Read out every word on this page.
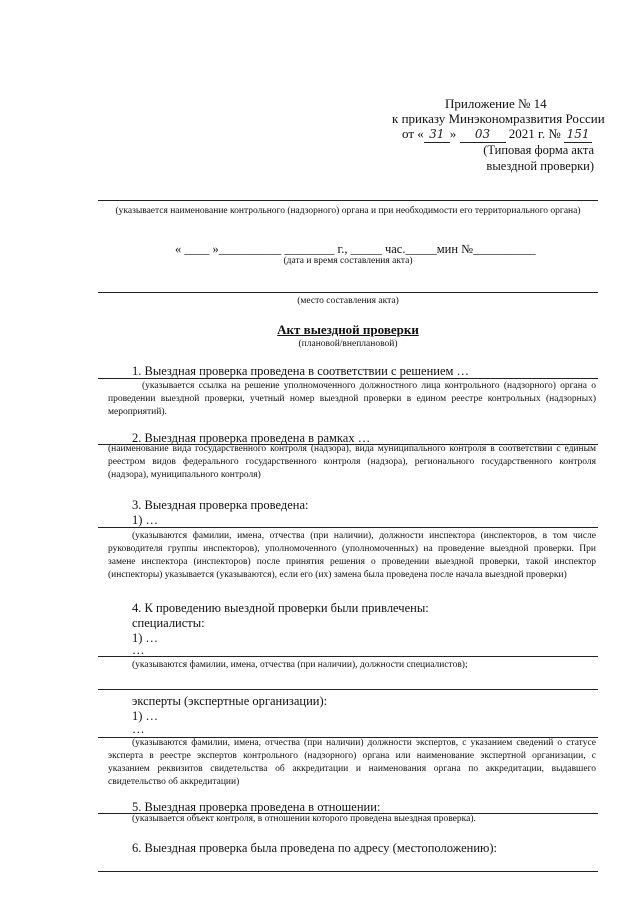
Приложение № 14
к приказу Минэкономразвития России
от « 31 » 03 2021 г. № 151
(Типовая форма акта
выездной проверки)
(указывается наименование контрольного (надзорного) органа и при необходимости его территориального органа)
« ____ »__________ ________ г., _____ час._____мин №__________
(дата и время составления акта)
(место составления акта)
Акт выездной проверки
(плановой/внеплановой)
1. Выездная проверка проведена в соответствии с решением …
(указывается ссылка на решение уполномоченного должностного лица контрольного (надзорного) органа о проведении выездной проверки, учетный номер выездной проверки в едином реестре контрольных (надзорных) мероприятий).
2. Выездная проверка проведена в рамках …
(наименование вида государственного контроля (надзора), вида муниципального контроля в соответствии с единым реестром видов федерального государственного контроля (надзора), регионального государственного контроля (надзора), муниципального контроля)
3. Выездная проверка проведена:
1) …
(указываются фамилии, имена, отчества (при наличии), должности инспектора (инспекторов, в том числе руководителя группы инспекторов), уполномоченного (уполномоченных) на проведение выездной проверки. При замене инспектора (инспекторов) после принятия решения о проведении выездной проверки, такой инспектор (инспекторы) указывается (указываются), если его (их) замена была проведена после начала выездной проверки)
4. К проведению выездной проверки были привлечены:
специалисты:
1) …
…
(указываются фамилии, имена, отчества (при наличии), должности специалистов);
эксперты (экспертные организации):
1) …
…
(указываются фамилии, имена, отчества (при наличии) должности экспертов, с указанием сведений о статусе эксперта в реестре экспертов контрольного (надзорного) органа или наименование экспертной организации, с указанием реквизитов свидетельства об аккредитации и наименования органа по аккредитации, выдавшего свидетельство об аккредитации)
5. Выездная проверка проведена в отношении:
(указывается объект контроля, в отношении которого проведена выездная проверка).
6. Выездная проверка была проведена по адресу (местоположению):
